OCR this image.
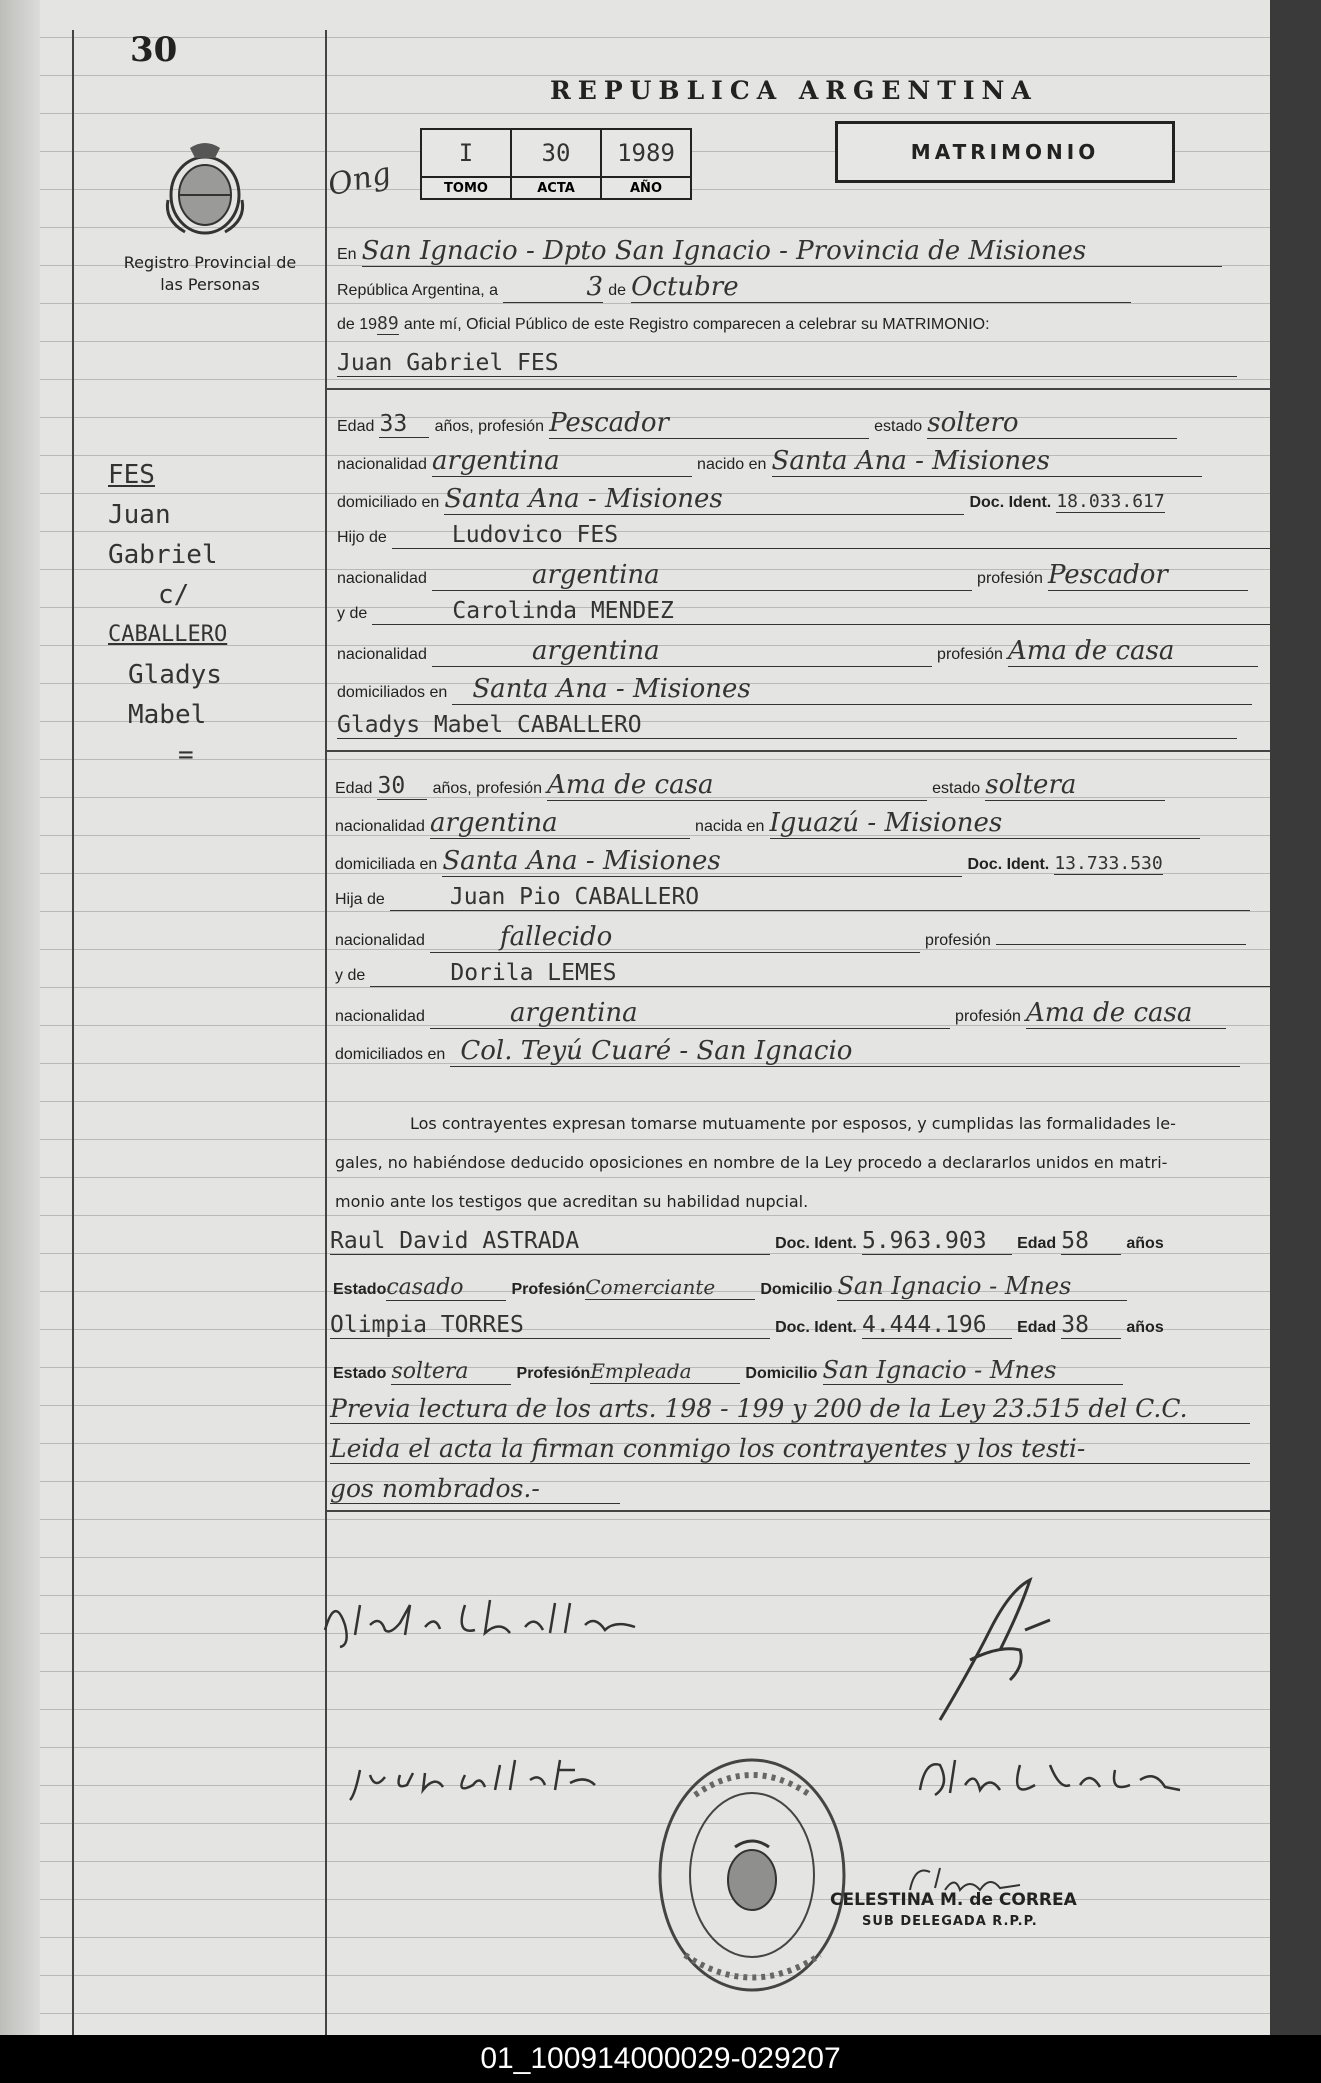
30
Registro Provincial de las Personas
FES
Juan
Gabriel
c/
CABALLERO
Gladys
Mabel
=
REPUBLICA ARGENTINA
MATRIMONIO
Ong
I	30	1989
TOMO	ACTA	AÑO
En San Ignacio - Dpto San Ignacio - Provincia de Misiones
República Argentina, a	3 de Octubre
de 1989 ante mí, Oficial Público de este Registro comparecen a celebrar su MATRIMONIO:
Juan Gabriel FES
Edad 33 años, profesión Pescador	estado soltero
nacionalidad argentina	nacido en Santa Ana - Misiones
domiciliado en Santa Ana - Misiones	Doc. Ident. 18.033.617
Hijo de	Ludovico FES
nacionalidad	argentina	profesión Pescador
y de	Carolinda MENDEZ
nacionalidad	argentina	profesión Ama de casa
domiciliados en Santa Ana - Misiones
Gladys Mabel CABALLERO
Edad 30 años, profesión Ama de casa	estado soltera
nacionalidad argentina	nacida en Iguazú - Misiones
domiciliada en Santa Ana - Misiones	Doc. Ident. 13.733.530
Hija de	Juan Pio CABALLERO
nacionalidad	fallecido	profesión
y de	Dorila LEMES
nacionalidad	argentina	profesión Ama de casa
domiciliados en Col. Teyú Cuaré - San Ignacio
Los contrayentes expresan tomarse mutuamente por esposos, y cumplidas las formalidades le-
gales, no habiéndose deducido oposiciones en nombre de la Ley procedo a declararlos unidos en matri-
monio ante los testigos que acreditan su habilidad nupcial.
Raul David ASTRADA	Doc. Ident. 5.963.903 Edad 58 años
Estadocasado	ProfesiónComerciante	Domicilio San Ignacio - Mnes
Olimpia TORRES	Doc. Ident. 4.444.196 Edad 38 años
Estado soltera	ProfesiónEmpleada	Domicilio San Ignacio - Mnes
Previa lectura de los arts. 198 - 199 y 200 de la Ley 23.515 del C.C.
Leida el acta la firman conmigo los contrayentes y los testi-
gos nombrados.-
CELESTINA M. de CORREA
SUB DELEGADA R.P.P.
01_100914000029-029207
